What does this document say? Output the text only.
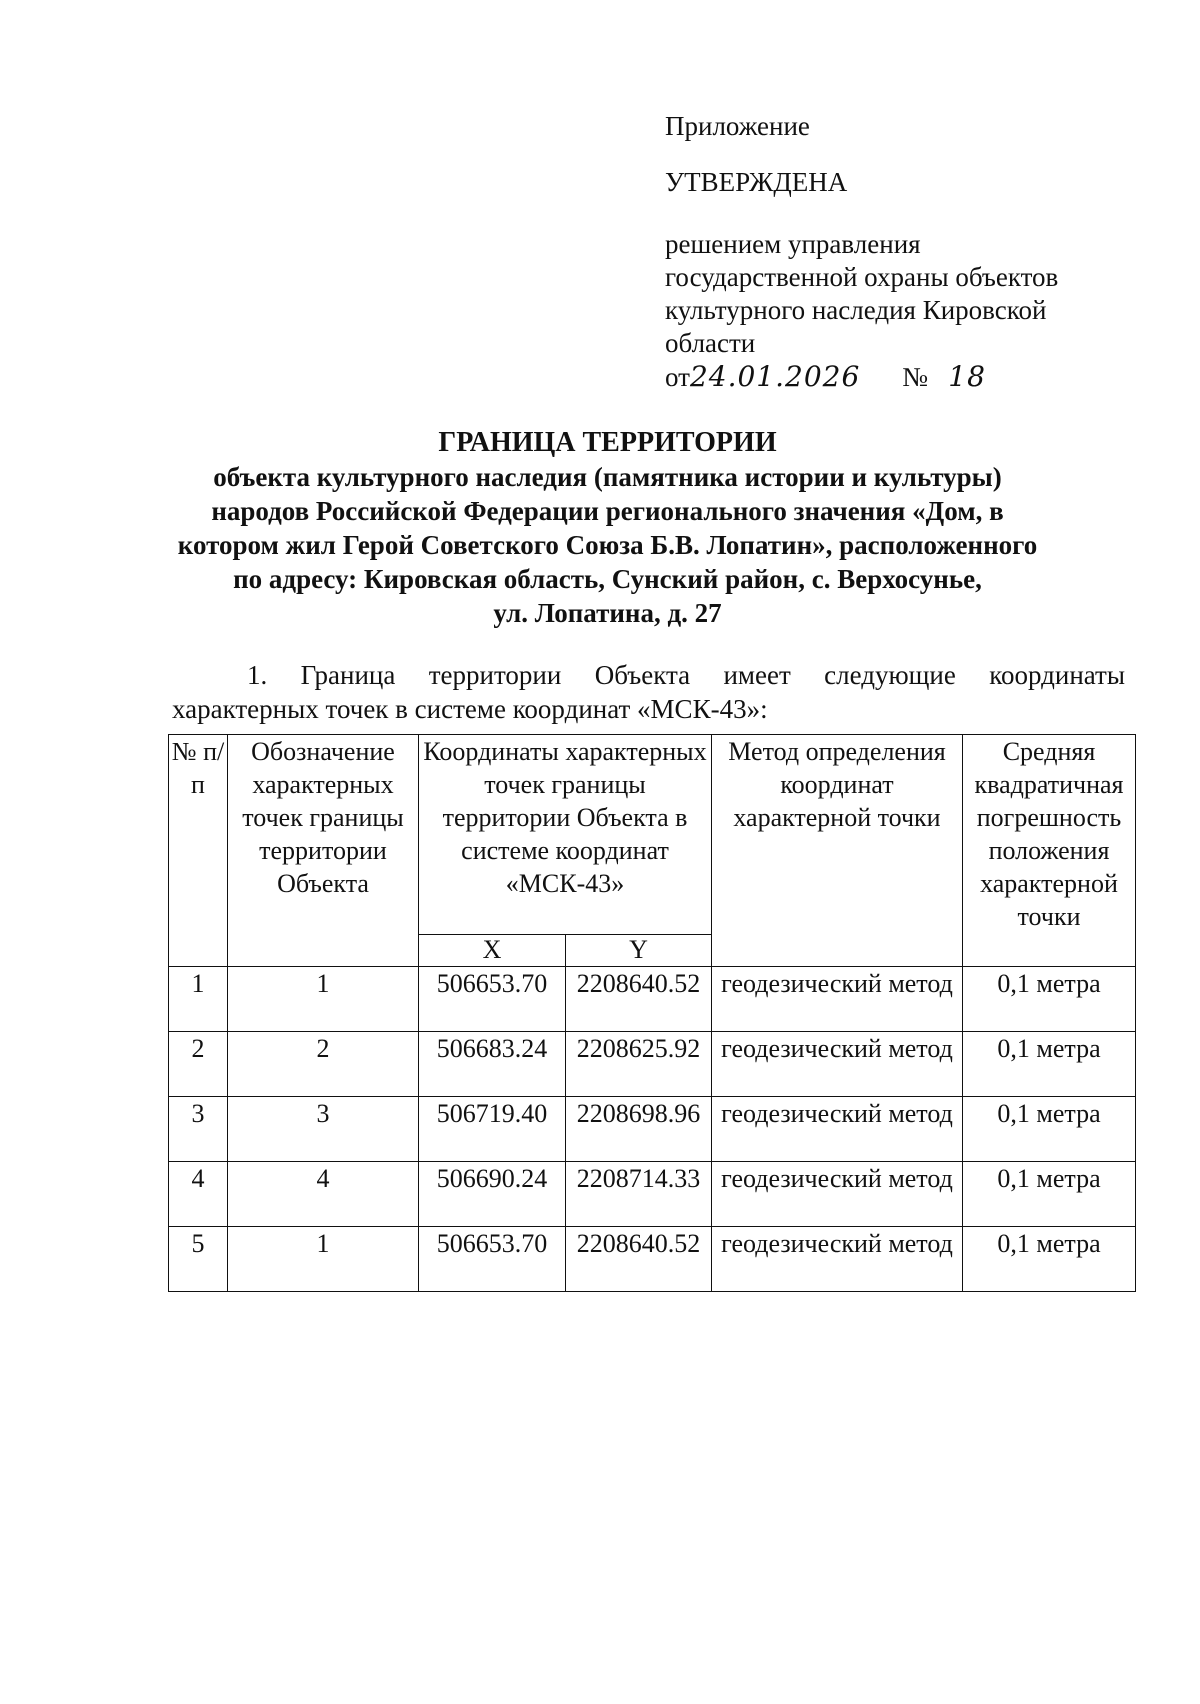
Приложение
УТВЕРЖДЕНА
решением управления
государственной охраны объектов
культурного наследия Кировской
области
от24.01.2026 № 18
ГРАНИЦА ТЕРРИТОРИИ
объекта культурного наследия (памятника истории и культуры)
народов Российской Федерации регионального значения «Дом, в
котором жил Герой Советского Союза Б.В. Лопатин», расположенного
по адресу: Кировская область, Сунский район, с. Верхосунье,
ул. Лопатина, д. 27
1. Граница территории Объекта имеет следующие координаты
характерных точек в системе координат «МСК-43»:
№ п/п	Обозначение характерных точек границы территории Объекта	Координаты характерных точек границы территории Объекта в системе координат «МСК-43»		Метод определения координат характерной точки	Средняя квадратичная погрешность положения характерной точки
		X	Y		
1	1	506653.70	2208640.52	геодезический метод	0,1 метра
2	2	506683.24	2208625.92	геодезический метод	0,1 метра
3	3	506719.40	2208698.96	геодезический метод	0,1 метра
4	4	506690.24	2208714.33	геодезический метод	0,1 метра
5	1	506653.70	2208640.52	геодезический метод	0,1 метра
